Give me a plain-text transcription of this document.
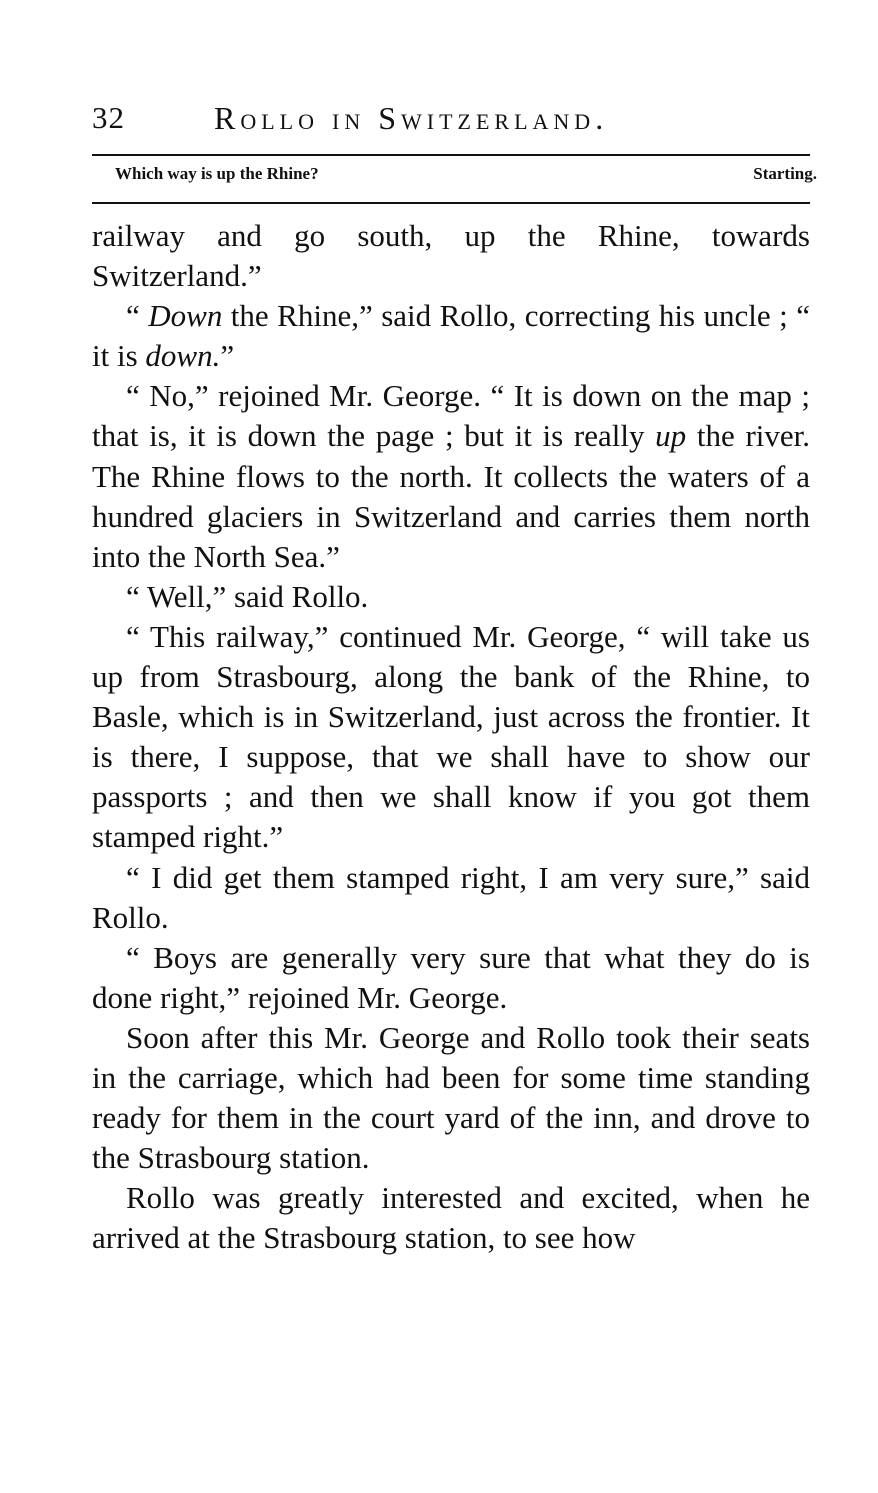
32	Rollo in Switzerland.
Which way is up the Rhine?	Starting.

railway and go south, up the Rhine, towards Switzerland.”

“ Down the Rhine,” said Rollo, correcting his uncle ; “ it is down.”

“ No,” rejoined Mr. George. “ It is down on the map ; that is, it is down the page ; but it is really up the river. The Rhine flows to the north. It collects the waters of a hundred glaciers in Switzerland and carries them north into the North Sea.”

“ Well,” said Rollo.

“ This railway,” continued Mr. George, “ will take us up from Strasbourg, along the bank of the Rhine, to Basle, which is in Switzerland, just across the frontier. It is there, I suppose, that we shall have to show our passports ; and then we shall know if you got them stamped right.”

“ I did get them stamped right, I am very sure,” said Rollo.

“ Boys are generally very sure that what they do is done right,” rejoined Mr. George.

Soon after this Mr. George and Rollo took their seats in the carriage, which had been for some time standing ready for them in the court yard of the inn, and drove to the Strasbourg station.

Rollo was greatly interested and excited, when he arrived at the Strasbourg station, to see how
